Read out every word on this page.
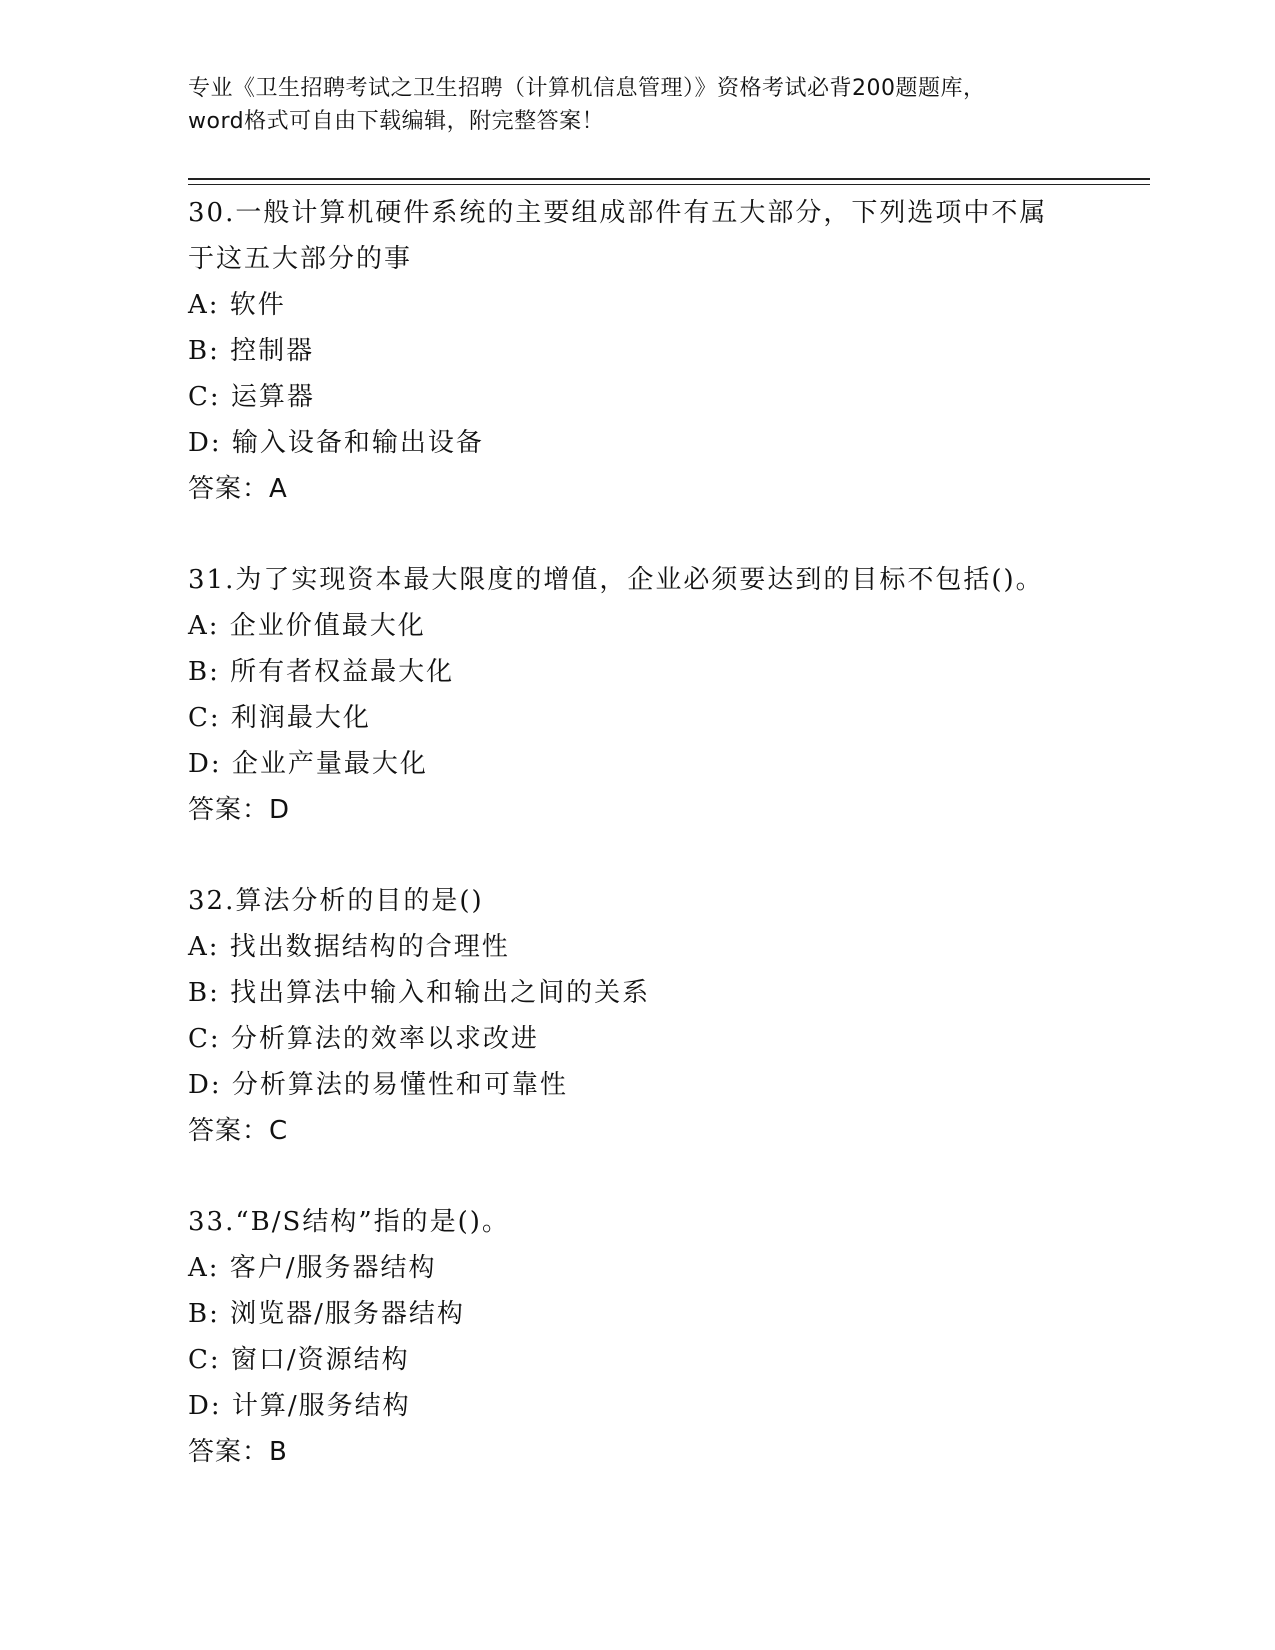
专业《卫生招聘考试之卫生招聘（计算机信息管理）》资格考试必背200题题库，
word格式可自由下载编辑，附完整答案！
30.一般计算机硬件系统的主要组成部件有五大部分，下列选项中不属
于这五大部分的事
A: 软件
B: 控制器
C: 运算器
D: 输入设备和输出设备
答案：A
31.为了实现资本最大限度的增值，企业必须要达到的目标不包括()。
A: 企业价值最大化
B: 所有者权益最大化
C: 利润最大化
D: 企业产量最大化
答案：D
32.算法分析的目的是()
A: 找出数据结构的合理性
B: 找出算法中输入和输出之间的关系
C: 分析算法的效率以求改进
D: 分析算法的易懂性和可靠性
答案：C
33.“B/S结构”指的是()。
A: 客户/服务器结构
B: 浏览器/服务器结构
C: 窗口/资源结构
D: 计算/服务结构
答案：B
